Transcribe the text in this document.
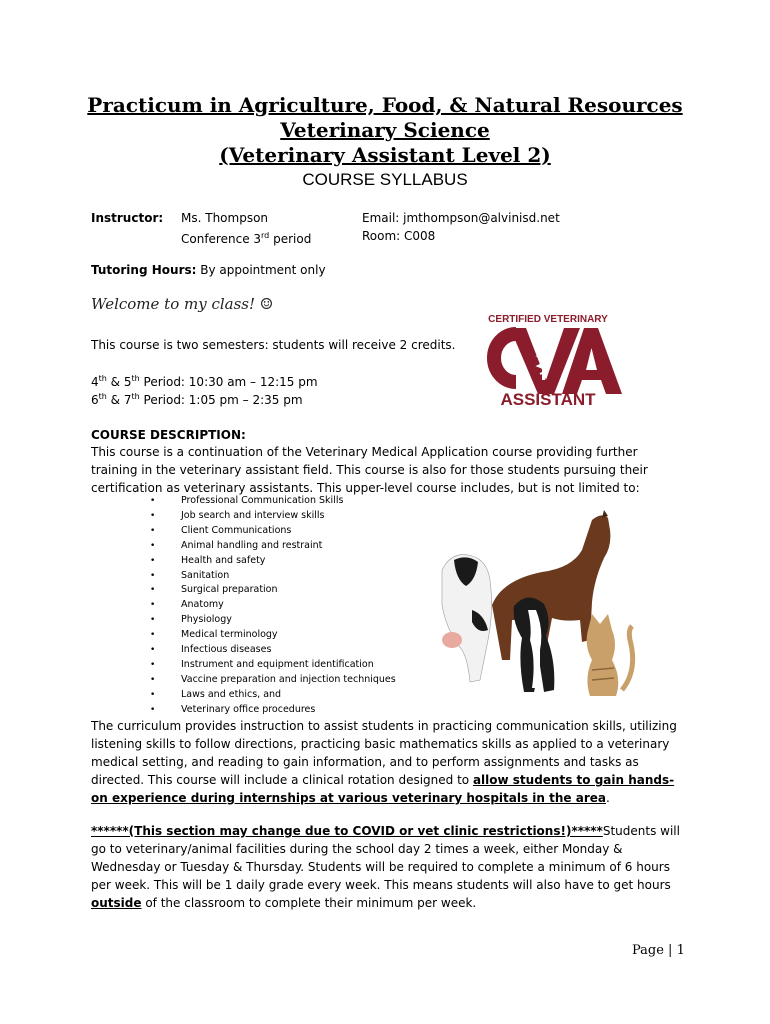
Practicum in Agriculture, Food, & Natural Resources
Veterinary Science
(Veterinary Assistant Level 2)
COURSE SYLLABUS
Instructor: Ms. Thompson
Conference 3rd period
Email: jmthompson@alvinisd.net
Room: C008
Tutoring Hours: By appointment only
Welcome to my class! ☺
This course is two semesters: students will receive 2 credits.
4th & 5th Period: 10:30 am – 12:15 pm
6th & 7th Period: 1:05 pm – 2:35 pm
CERTIFIED VETERINARY
ASSISTANT
COURSE DESCRIPTION:
This course is a continuation of the Veterinary Medical Application course providing further training in the veterinary assistant field. This course is also for those students pursuing their certification as veterinary assistants. This upper-level course includes, but is not limited to:
•	Professional Communication Skills
•	Job search and interview skills
•	Client Communications
•	Animal handling and restraint
•	Health and safety
•	Sanitation
•	Surgical preparation
•	Anatomy
•	Physiology
•	Medical terminology
•	Infectious diseases
•	Instrument and equipment identification
•	Vaccine preparation and injection techniques
•	Laws and ethics, and
•	Veterinary office procedures
The curriculum provides instruction to assist students in practicing communication skills, utilizing listening skills to follow directions, practicing basic mathematics skills as applied to a veterinary medical setting, and reading to gain information, and to perform assignments and tasks as directed. This course will include a clinical rotation designed to allow students to gain hands-on experience during internships at various veterinary hospitals in the area.
******(This section may change due to COVID or vet clinic restrictions!)*****Students will go to veterinary/animal facilities during the school day 2 times a week, either Monday & Wednesday or Tuesday & Thursday. Students will be required to complete a minimum of 6 hours per week. This will be 1 daily grade every week. This means students will also have to get hours outside of the classroom to complete their minimum per week.
Page | 1
